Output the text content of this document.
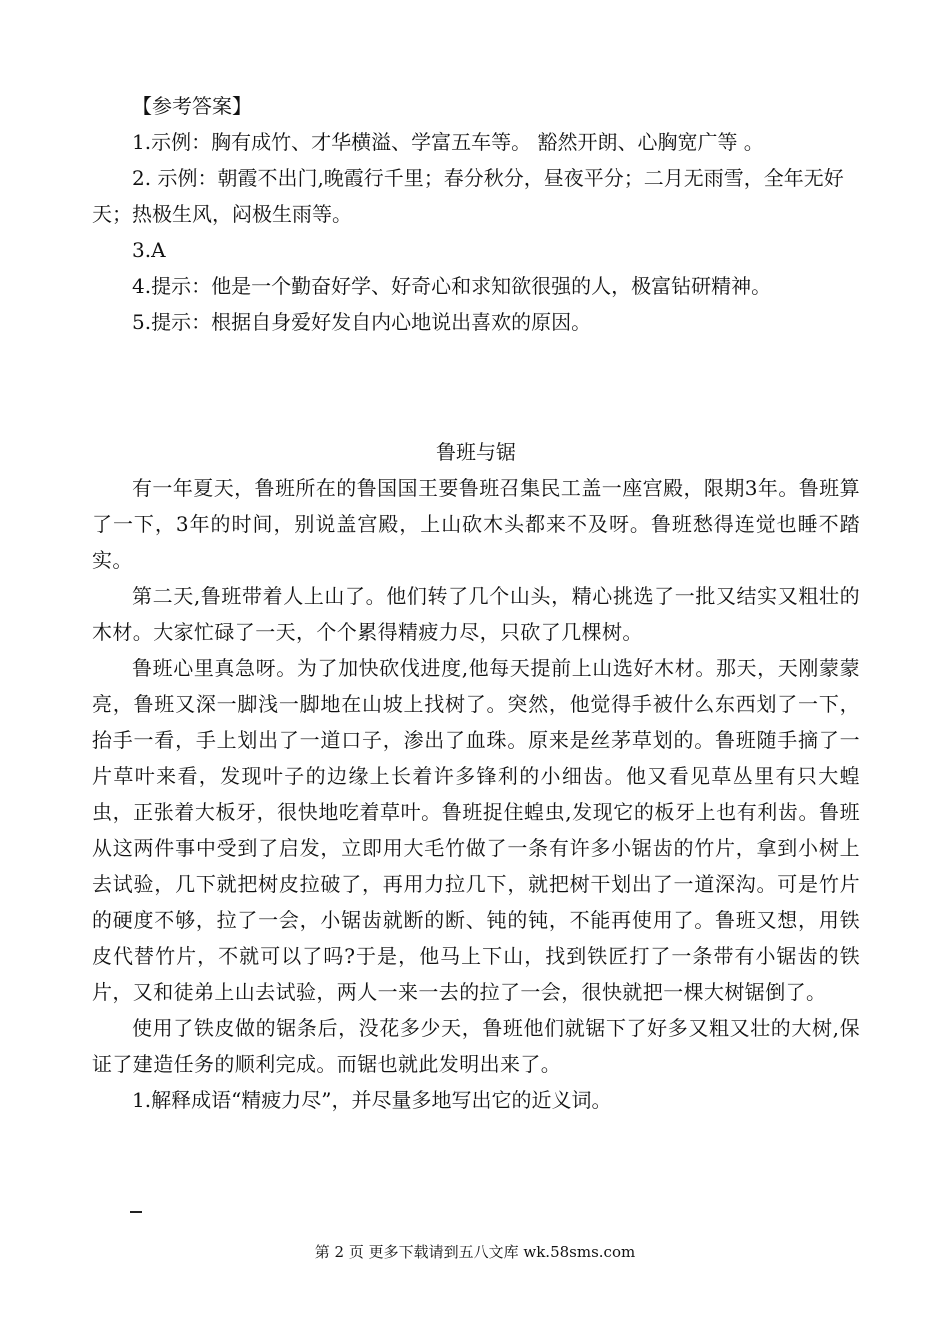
【参考答案】

1.示例：胸有成竹、才华横溢、学富五车等。 豁然开朗、心胸宽广等 。

2. 示例：朝霞不出门,晚霞行千里；春分秋分，昼夜平分；二月无雨雪，全年无好天；热极生风，闷极生雨等。

3.A

4.提示：他是一个勤奋好学、好奇心和求知欲很强的人，极富钻研精神。

5.提示：根据自身爱好发自内心地说出喜欢的原因。

鲁班与锯

有一年夏天，鲁班所在的鲁国国王要鲁班召集民工盖一座宫殿，限期3年。鲁班算了一下，3年的时间，别说盖宫殿，上山砍木头都来不及呀。鲁班愁得连觉也睡不踏实。

第二天,鲁班带着人上山了。他们转了几个山头，精心挑选了一批又结实又粗壮的木材。大家忙碌了一天，个个累得精疲力尽，只砍了几棵树。

鲁班心里真急呀。为了加快砍伐进度,他每天提前上山选好木材。那天，天刚蒙蒙亮，鲁班又深一脚浅一脚地在山坡上找树了。突然，他觉得手被什么东西划了一下，抬手一看，手上划出了一道口子，渗出了血珠。原来是丝茅草划的。鲁班随手摘了一片草叶来看，发现叶子的边缘上长着许多锋利的小细齿。他又看见草丛里有只大蝗虫，正张着大板牙，很快地吃着草叶。鲁班捉住蝗虫,发现它的板牙上也有利齿。鲁班从这两件事中受到了启发，立即用大毛竹做了一条有许多小锯齿的竹片，拿到小树上去试验，几下就把树皮拉破了，再用力拉几下，就把树干划出了一道深沟。可是竹片的硬度不够，拉了一会，小锯齿就断的断、钝的钝，不能再使用了。鲁班又想，用铁皮代替竹片，不就可以了吗?于是，他马上下山，找到铁匠打了一条带有小锯齿的铁片，又和徒弟上山去试验，两人一来一去的拉了一会，很快就把一棵大树锯倒了。

使用了铁皮做的锯条后，没花多少天，鲁班他们就锯下了好多又粗又壮的大树,保证了建造任务的顺利完成。而锯也就此发明出来了。

1.解释成语“精疲力尽”，并尽量多地写出它的近义词。

第 2 页 更多下载请到五八文库 wk.58sms.com
